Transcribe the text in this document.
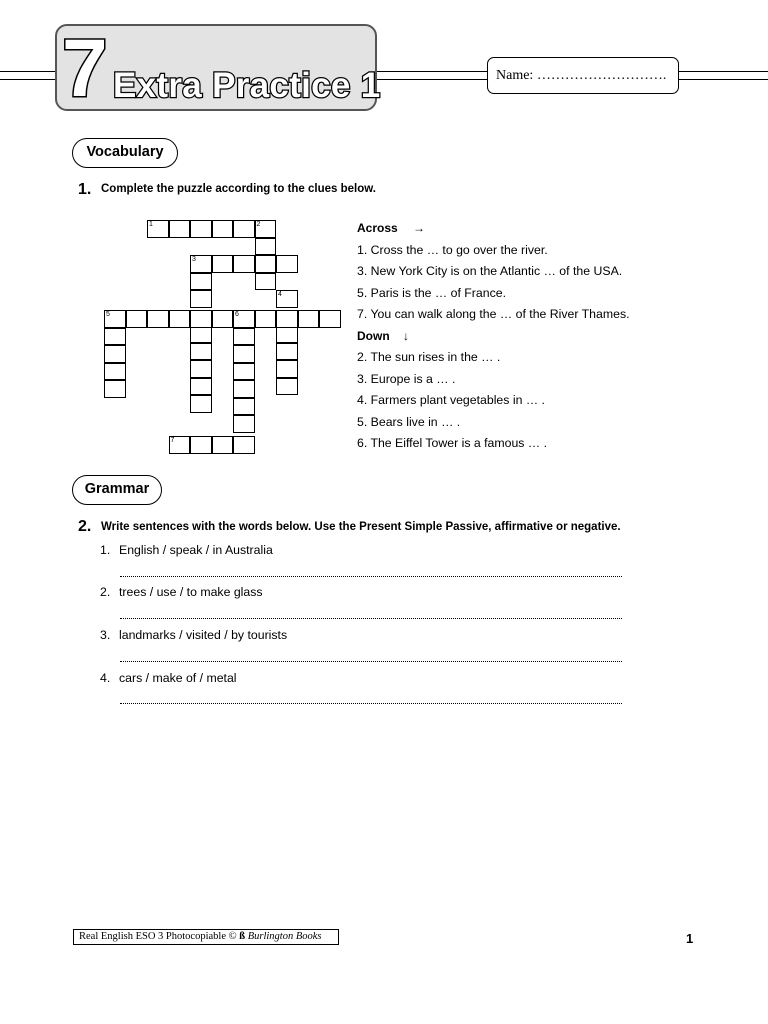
7 Extra Practice 1	Name: ……………………….
Vocabulary
1. Complete the puzzle according to the clues below.
1	2
3
4
5	6
7
Across →
1. Cross the … to go over the river.
3. New York City is on the Atlantic … of the USA.
5. Paris is the … of France.
7. You can walk along the … of the River Thames.
Down ↓
2. The sun rises in the … .
3. Europe is a … .
4. Farmers plant vegetables in … .
5. Bears live in … .
6. The Eiffel Tower is a famous … .
Grammar
2. Write sentences with the words below. Use the Present Simple Passive, affirmative or negative.
1. English / speak / in Australia
2. trees / use / to make glass
3. landmarks / visited / by tourists
4. cars / make of / metal
Real English ESO 3 Photocopiable © ß Burlington Books	1
